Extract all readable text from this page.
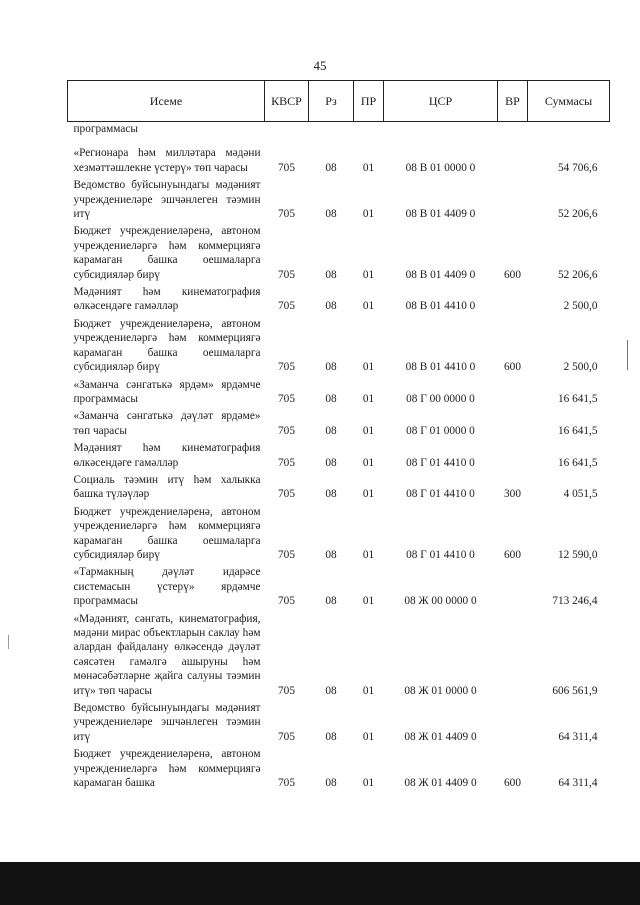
45
Исеме	КВСР	Рз	ПР	ЦСР	ВР	Суммасы

программасы						

«Регионара һәм милләтара мәдәни хезмәттәшлекне үстерү» төп чарасы	705	08	01	08 В 01 0000 0		54 706,6

Ведомство буйсынуындагы мәдәният учреждениеләре эшчәнлеген тәэмин итү	705	08	01	08 В 01 4409 0		52 206,6

Бюджет учреждениеләренә, автоном учреждениеләргә һәм коммерциягә карамаган башка оешмаларга субсидияләр бирү	705	08	01	08 В 01 4409 0	600	52 206,6

Мәдәният һәм кинематография өлкәсендәге гамәлләр	705	08	01	08 В 01 4410 0		2 500,0

Бюджет учреждениеләренә, автоном учреждениеләргә һәм коммерциягә карамаган башка оешмаларга субсидияләр бирү	705	08	01	08 В 01 4410 0	600	2 500,0

«Заманча сәнгатькә ярдәм» ярдәмче программасы	705	08	01	08 Г 00 0000 0		16 641,5

«Заманча сәнгатькә дәүләт ярдәме» төп чарасы	705	08	01	08 Г 01 0000 0		16 641,5

Мәдәният һәм кинематография өлкәсендәге гамәлләр	705	08	01	08 Г 01 4410 0		16 641,5

Социаль тәэмин итү һәм халыкка башка түләүләр	705	08	01	08 Г 01 4410 0	300	4 051,5

Бюджет учреждениеләренә, автоном учреждениеләргә һәм коммерциягә карамаган башка оешмаларга субсидияләр бирү	705	08	01	08 Г 01 4410 0	600	12 590,0

«Тармакның дәүләт идарәсе системасын үстерү» ярдәмче программасы	705	08	01	08 Ж 00 0000 0		713 246,4

«Мәдәният, сәнгать, кинематография, мәдәни мирас объектларын саклау һәм алардан файдалану өлкәсендә дәүләт сәясәтен гамәлгә ашыруны һәм мөнәсәбәтләрне җайга салуны тәэмин итү» төп чарасы	705	08	01	08 Ж 01 0000 0		606 561,9

Ведомство буйсынуындагы мәдәният учреждениеләре эшчәнлеген тәэмин итү	705	08	01	08 Ж 01 4409 0		64 311,4

Бюджет учреждениеләренә, автоном учреждениеләргә һәм коммерциягә карамаган башка	705	08	01	08 Ж 01 4409 0	600	64 311,4
